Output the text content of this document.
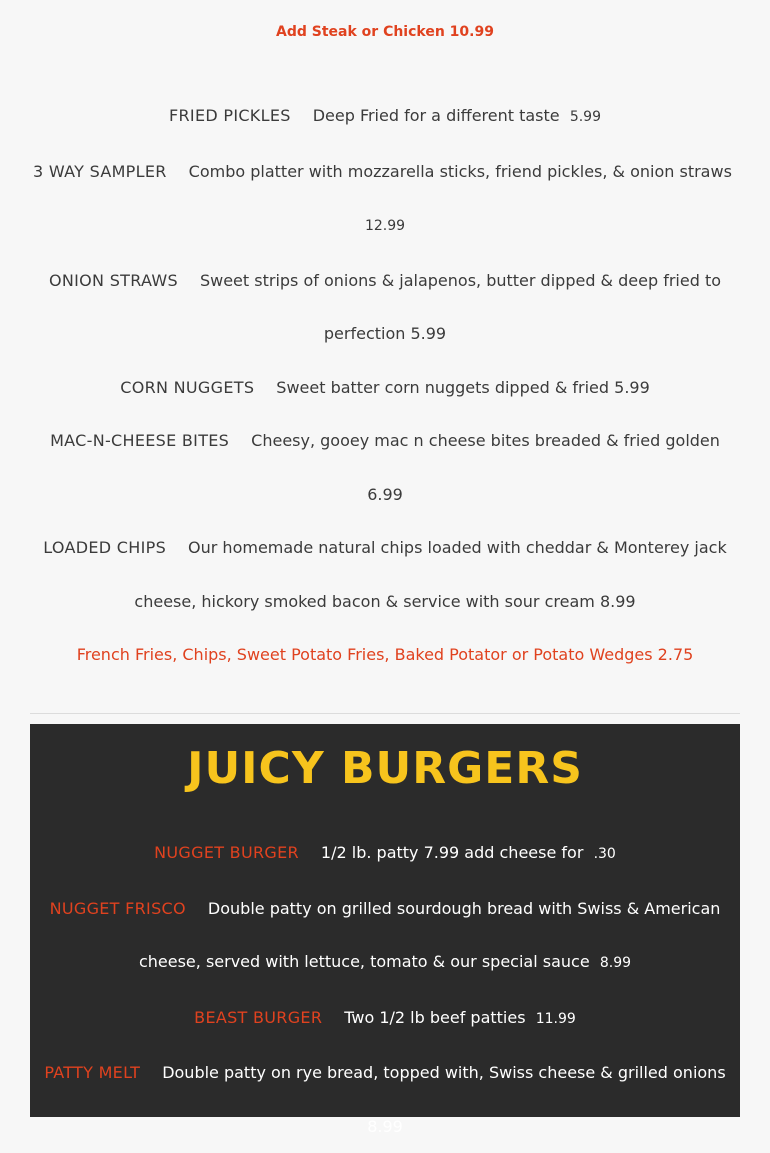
Add Steak or Chicken 10.99
FRIED PICKLES Deep Fried for a different taste 5.99
3 WAY SAMPLER Combo platter with mozzarella sticks, friend pickles, & onion straws  12.99
ONION STRAWS Sweet strips of onions & jalapenos, butter dipped & deep fried to perfection 5.99
CORN NUGGETS Sweet batter corn nuggets dipped & fried 5.99
MAC-N-CHEESE BITES Cheesy, gooey mac n cheese bites breaded & fried golden 6.99
LOADED CHIPS Our homemade natural chips loaded with cheddar & Monterey jack cheese, hickory smoked bacon & service with sour cream 8.99
French Fries, Chips, Sweet Potato Fries, Baked Potator or Potato Wedges 2.75
JUICY BURGERS
NUGGET BURGER 1/2 lb. patty 7.99 add cheese for .30
NUGGET FRISCO Double patty on grilled sourdough bread with Swiss & American cheese, served with lettuce, tomato & our special sauce 8.99
BEAST BURGER Two 1/2 lb beef patties 11.99
PATTY MELT Double patty on rye bread, topped with, Swiss cheese & grilled onions 8.99
